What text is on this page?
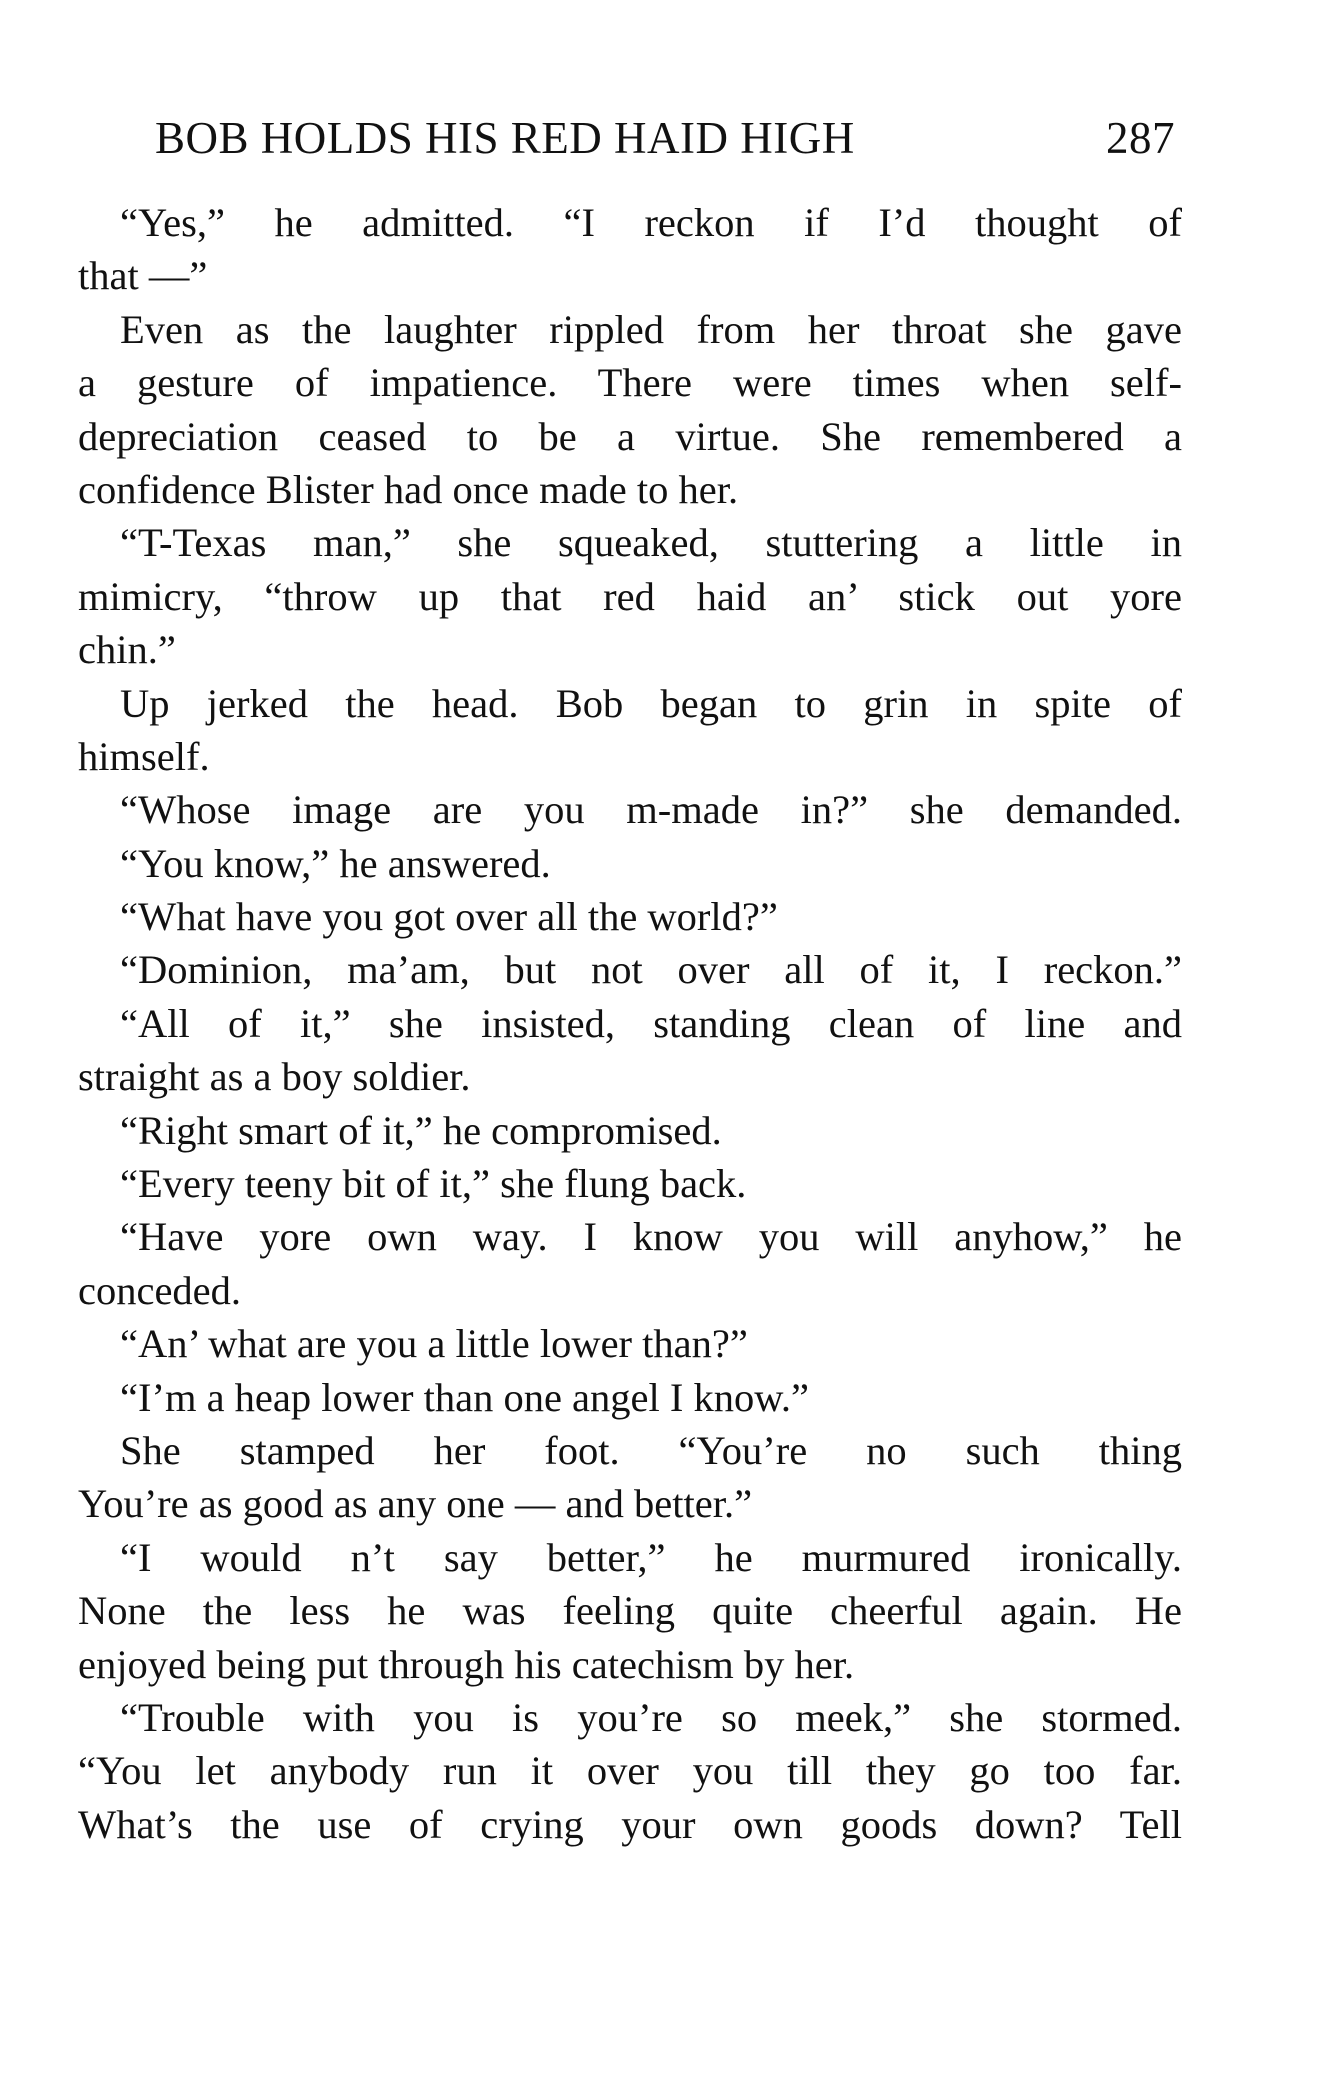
BOB HOLDS HIS RED HAID HIGH	287
“Yes,” he admitted. “I reckon if I’d thought of
that —”
Even as the laughter rippled from her throat she gave
a gesture of impatience. There were times when self-
depreciation ceased to be a virtue. She remembered a
confidence Blister had once made to her.
“T-Texas man,” she squeaked, stuttering a little in
mimicry, “throw up that red haid an’ stick out yore
chin.”
Up jerked the head. Bob began to grin in spite of
himself.
“Whose image are you m-made in?” she demanded.
“You know,” he answered.
“What have you got over all the world?”
“Dominion, ma’am, but not over all of it, I reckon.”
“All of it,” she insisted, standing clean of line and
straight as a boy soldier.
“Right smart of it,” he compromised.
“Every teeny bit of it,” she flung back.
“Have yore own way. I know you will anyhow,” he
conceded.
“An’ what are you a little lower than?”
“I’m a heap lower than one angel I know.”
She stamped her foot. “You’re no such thing
You’re as good as any one — and better.”
“I would n’t say better,” he murmured ironically.
None the less he was feeling quite cheerful again. He
enjoyed being put through his catechism by her.
“Trouble with you is you’re so meek,” she stormed.
“You let anybody run it over you till they go too far.
What’s the use of crying your own goods down? Tell
